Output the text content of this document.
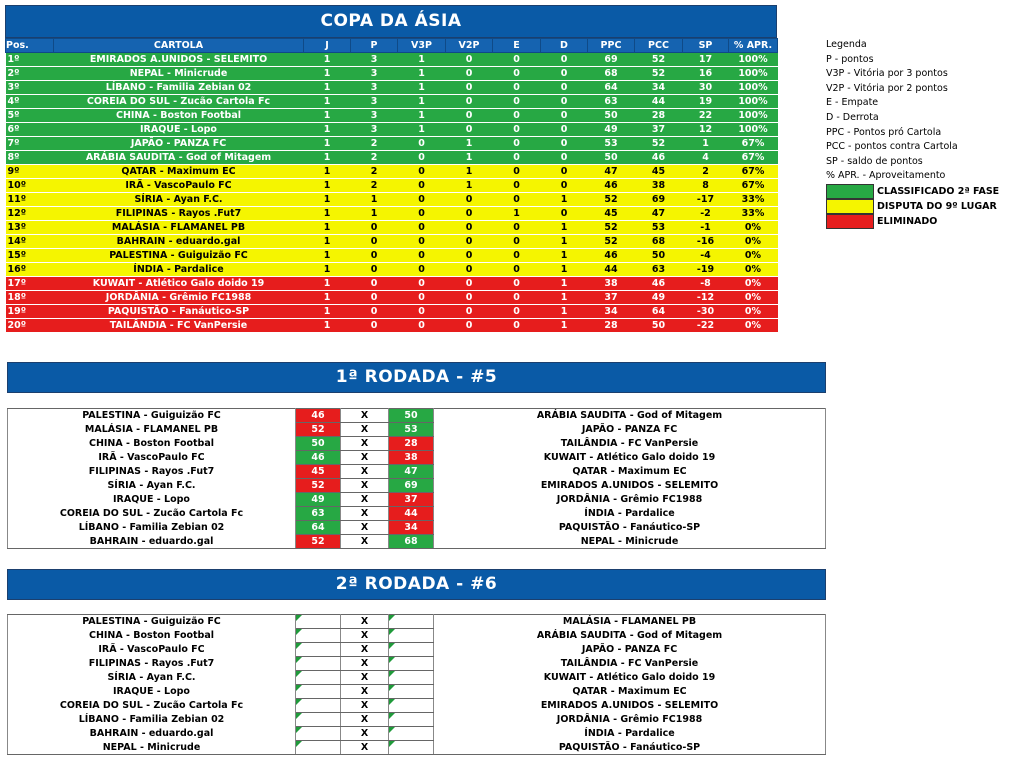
COPA DA ÁSIA
Pos.	CARTOLA	J	P	V3P	V2P	E	D	PPC	PCC	SP	% APR.
1º	EMIRADOS A.UNIDOS - SELEMITO	1	3	1	0	0	0	69	52	17	100%
2º	NEPAL - Minicrude	1	3	1	0	0	0	68	52	16	100%
3º	LÍBANO - Familia Zebian 02	1	3	1	0	0	0	64	34	30	100%
4º	COREIA DO SUL - Zucão Cartola Fc	1	3	1	0	0	0	63	44	19	100%
5º	CHINA - Boston Footbal	1	3	1	0	0	0	50	28	22	100%
6º	IRAQUE - Lopo	1	3	1	0	0	0	49	37	12	100%
7º	JAPÃO - PANZA FC	1	2	0	1	0	0	53	52	1	67%
8º	ARÁBIA SAUDITA - God of Mitagem	1	2	0	1	0	0	50	46	4	67%
9º	QATAR - Maximum EC	1	2	0	1	0	0	47	45	2	67%
10º	IRÃ - VascoPaulo FC	1	2	0	1	0	0	46	38	8	67%
11º	SÍRIA - Ayan F.C.	1	1	0	0	0	1	52	69	-17	33%
12º	FILIPINAS - Rayos .Fut7	1	1	0	0	1	0	45	47	-2	33%
13º	MALÁSIA - FLAMANEL PB	1	0	0	0	0	1	52	53	-1	0%
14º	BAHRAIN - eduardo.gal	1	0	0	0	0	1	52	68	-16	0%
15º	PALESTINA - Guiguizão FC	1	0	0	0	0	1	46	50	-4	0%
16º	ÍNDIA - Pardalice	1	0	0	0	0	1	44	63	-19	0%
17º	KUWAIT - Atlético Galo doido 19	1	0	0	0	0	1	38	46	-8	0%
18º	JORDÂNIA - Grêmio FC1988	1	0	0	0	0	1	37	49	-12	0%
19º	PAQUISTÃO - Fanáutico-SP	1	0	0	0	0	1	34	64	-30	0%
20º	TAILÂNDIA - FC VanPersie	1	0	0	0	0	1	28	50	-22	0%
Legenda
P - pontos
V3P - Vitória por 3 pontos
V2P - Vitória por 2 pontos
E - Empate
D - Derrota
PPC - Pontos pró Cartola
PCC - pontos contra Cartola
SP - saldo de pontos
% APR. - Aproveitamento
CLASSIFICADO 2ª FASE
DISPUTA DO 9º LUGAR
ELIMINADO
1ª RODADA - #5
PALESTINA - Guiguizão FC	46	X	50	ARÁBIA SAUDITA - God of Mitagem
MALÁSIA - FLAMANEL PB	52	X	53	JAPÃO - PANZA FC
CHINA - Boston Footbal	50	X	28	TAILÂNDIA - FC VanPersie
IRÃ - VascoPaulo FC	46	X	38	KUWAIT - Atlético Galo doido 19
FILIPINAS - Rayos .Fut7	45	X	47	QATAR - Maximum EC
SÍRIA - Ayan F.C.	52	X	69	EMIRADOS A.UNIDOS - SELEMITO
IRAQUE - Lopo	49	X	37	JORDÂNIA - Grêmio FC1988
COREIA DO SUL - Zucão Cartola Fc	63	X	44	ÍNDIA - Pardalice
LÍBANO - Familia Zebian 02	64	X	34	PAQUISTÃO - Fanáutico-SP
BAHRAIN - eduardo.gal	52	X	68	NEPAL - Minicrude
2ª RODADA - #6
PALESTINA - Guiguizão FC		X		MALÁSIA - FLAMANEL PB
CHINA - Boston Footbal		X		ARÁBIA SAUDITA - God of Mitagem
IRÃ - VascoPaulo FC		X		JAPÃO - PANZA FC
FILIPINAS - Rayos .Fut7		X		TAILÂNDIA - FC VanPersie
SÍRIA - Ayan F.C.		X		KUWAIT - Atlético Galo doido 19
IRAQUE - Lopo		X		QATAR - Maximum EC
COREIA DO SUL - Zucão Cartola Fc		X		EMIRADOS A.UNIDOS - SELEMITO
LÍBANO - Familia Zebian 02		X		JORDÂNIA - Grêmio FC1988
BAHRAIN - eduardo.gal		X		ÍNDIA - Pardalice
NEPAL - Minicrude		X		PAQUISTÃO - Fanáutico-SP
